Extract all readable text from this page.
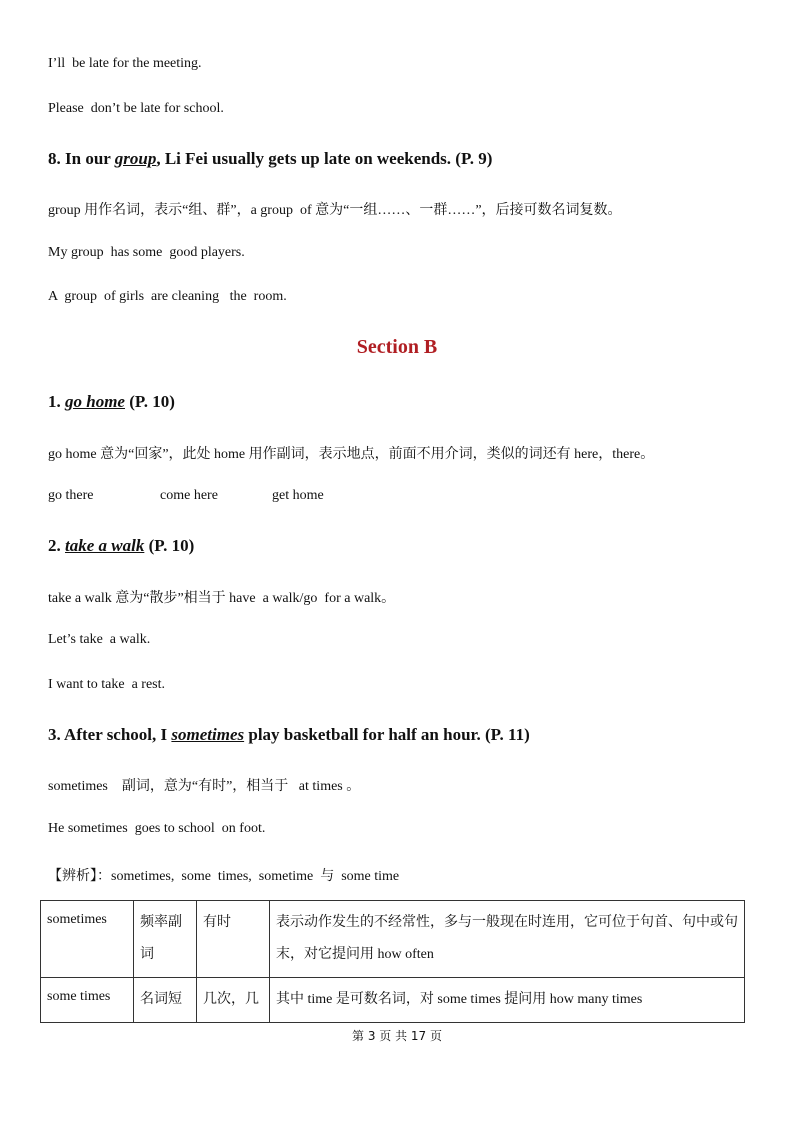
I’ll  be late for the meeting.
Please  don’t be late for school.
8. In our group, Li Fei usually gets up late on weekends. (P. 9)
group 用作名词，表示“组、群”，a group  of 意为“一组……、一群……”，后接可数名词复数。
My group  has some  good players.
A  group  of girls  are cleaning   the  room.
Section B
1. go home (P. 10)
go home 意为“回家”，此处 home 用作副词，表示地点，前面不用介词，类似的词还有 here，there。
go there	come here	get home
2. take a walk (P. 10)
take a walk 意为“散步”相当于 have  a walk/go  for a walk。
Let’s take  a walk.
I want to take  a rest.
3. After school, I sometimes play basketball for half an hour. (P. 11)
sometimes    副词，意为“有时”，相当于   at times 。
He sometimes  goes to school  on foot.
【辨析】：sometimes,  some  times,  sometime  与  some time
sometimes	频率副词	有时	表示动作发生的不经常性，多与一般现在时连用，它可位于句首、句中或句末，对它提问用 how often
some times	名词短	几次，几	其中 time 是可数名词，对 some times 提问用 how many times
第 3 页 共 17 页
